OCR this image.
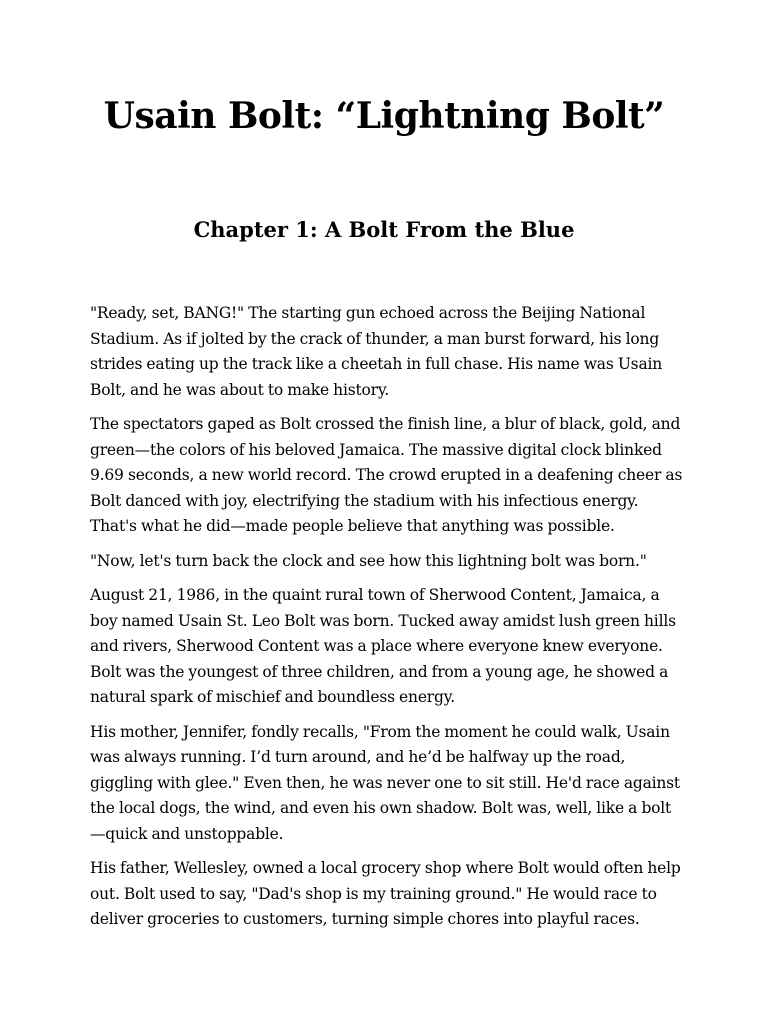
Usain Bolt: “Lightning Bolt”
Chapter 1: A Bolt From the Blue

"Ready, set, BANG!" The starting gun echoed across the Beijing National Stadium. As if jolted by the crack of thunder, a man burst forward, his long strides eating up the track like a cheetah in full chase. His name was Usain Bolt, and he was about to make history.

The spectators gaped as Bolt crossed the finish line, a blur of black, gold, and green—the colors of his beloved Jamaica. The massive digital clock blinked 9.69 seconds, a new world record. The crowd erupted in a deafening cheer as Bolt danced with joy, electrifying the stadium with his infectious energy. That's what he did—made people believe that anything was possible.

"Now, let's turn back the clock and see how this lightning bolt was born."

August 21, 1986, in the quaint rural town of Sherwood Content, Jamaica, a boy named Usain St. Leo Bolt was born. Tucked away amidst lush green hills and rivers, Sherwood Content was a place where everyone knew everyone. Bolt was the youngest of three children, and from a young age, he showed a natural spark of mischief and boundless energy.

His mother, Jennifer, fondly recalls, "From the moment he could walk, Usain was always running. I’d turn around, and he’d be halfway up the road, giggling with glee." Even then, he was never one to sit still. He'd race against the local dogs, the wind, and even his own shadow. Bolt was, well, like a bolt—quick and unstoppable.

His father, Wellesley, owned a local grocery shop where Bolt would often help out. Bolt used to say, "Dad's shop is my training ground." He would race to deliver groceries to customers, turning simple chores into playful races.
